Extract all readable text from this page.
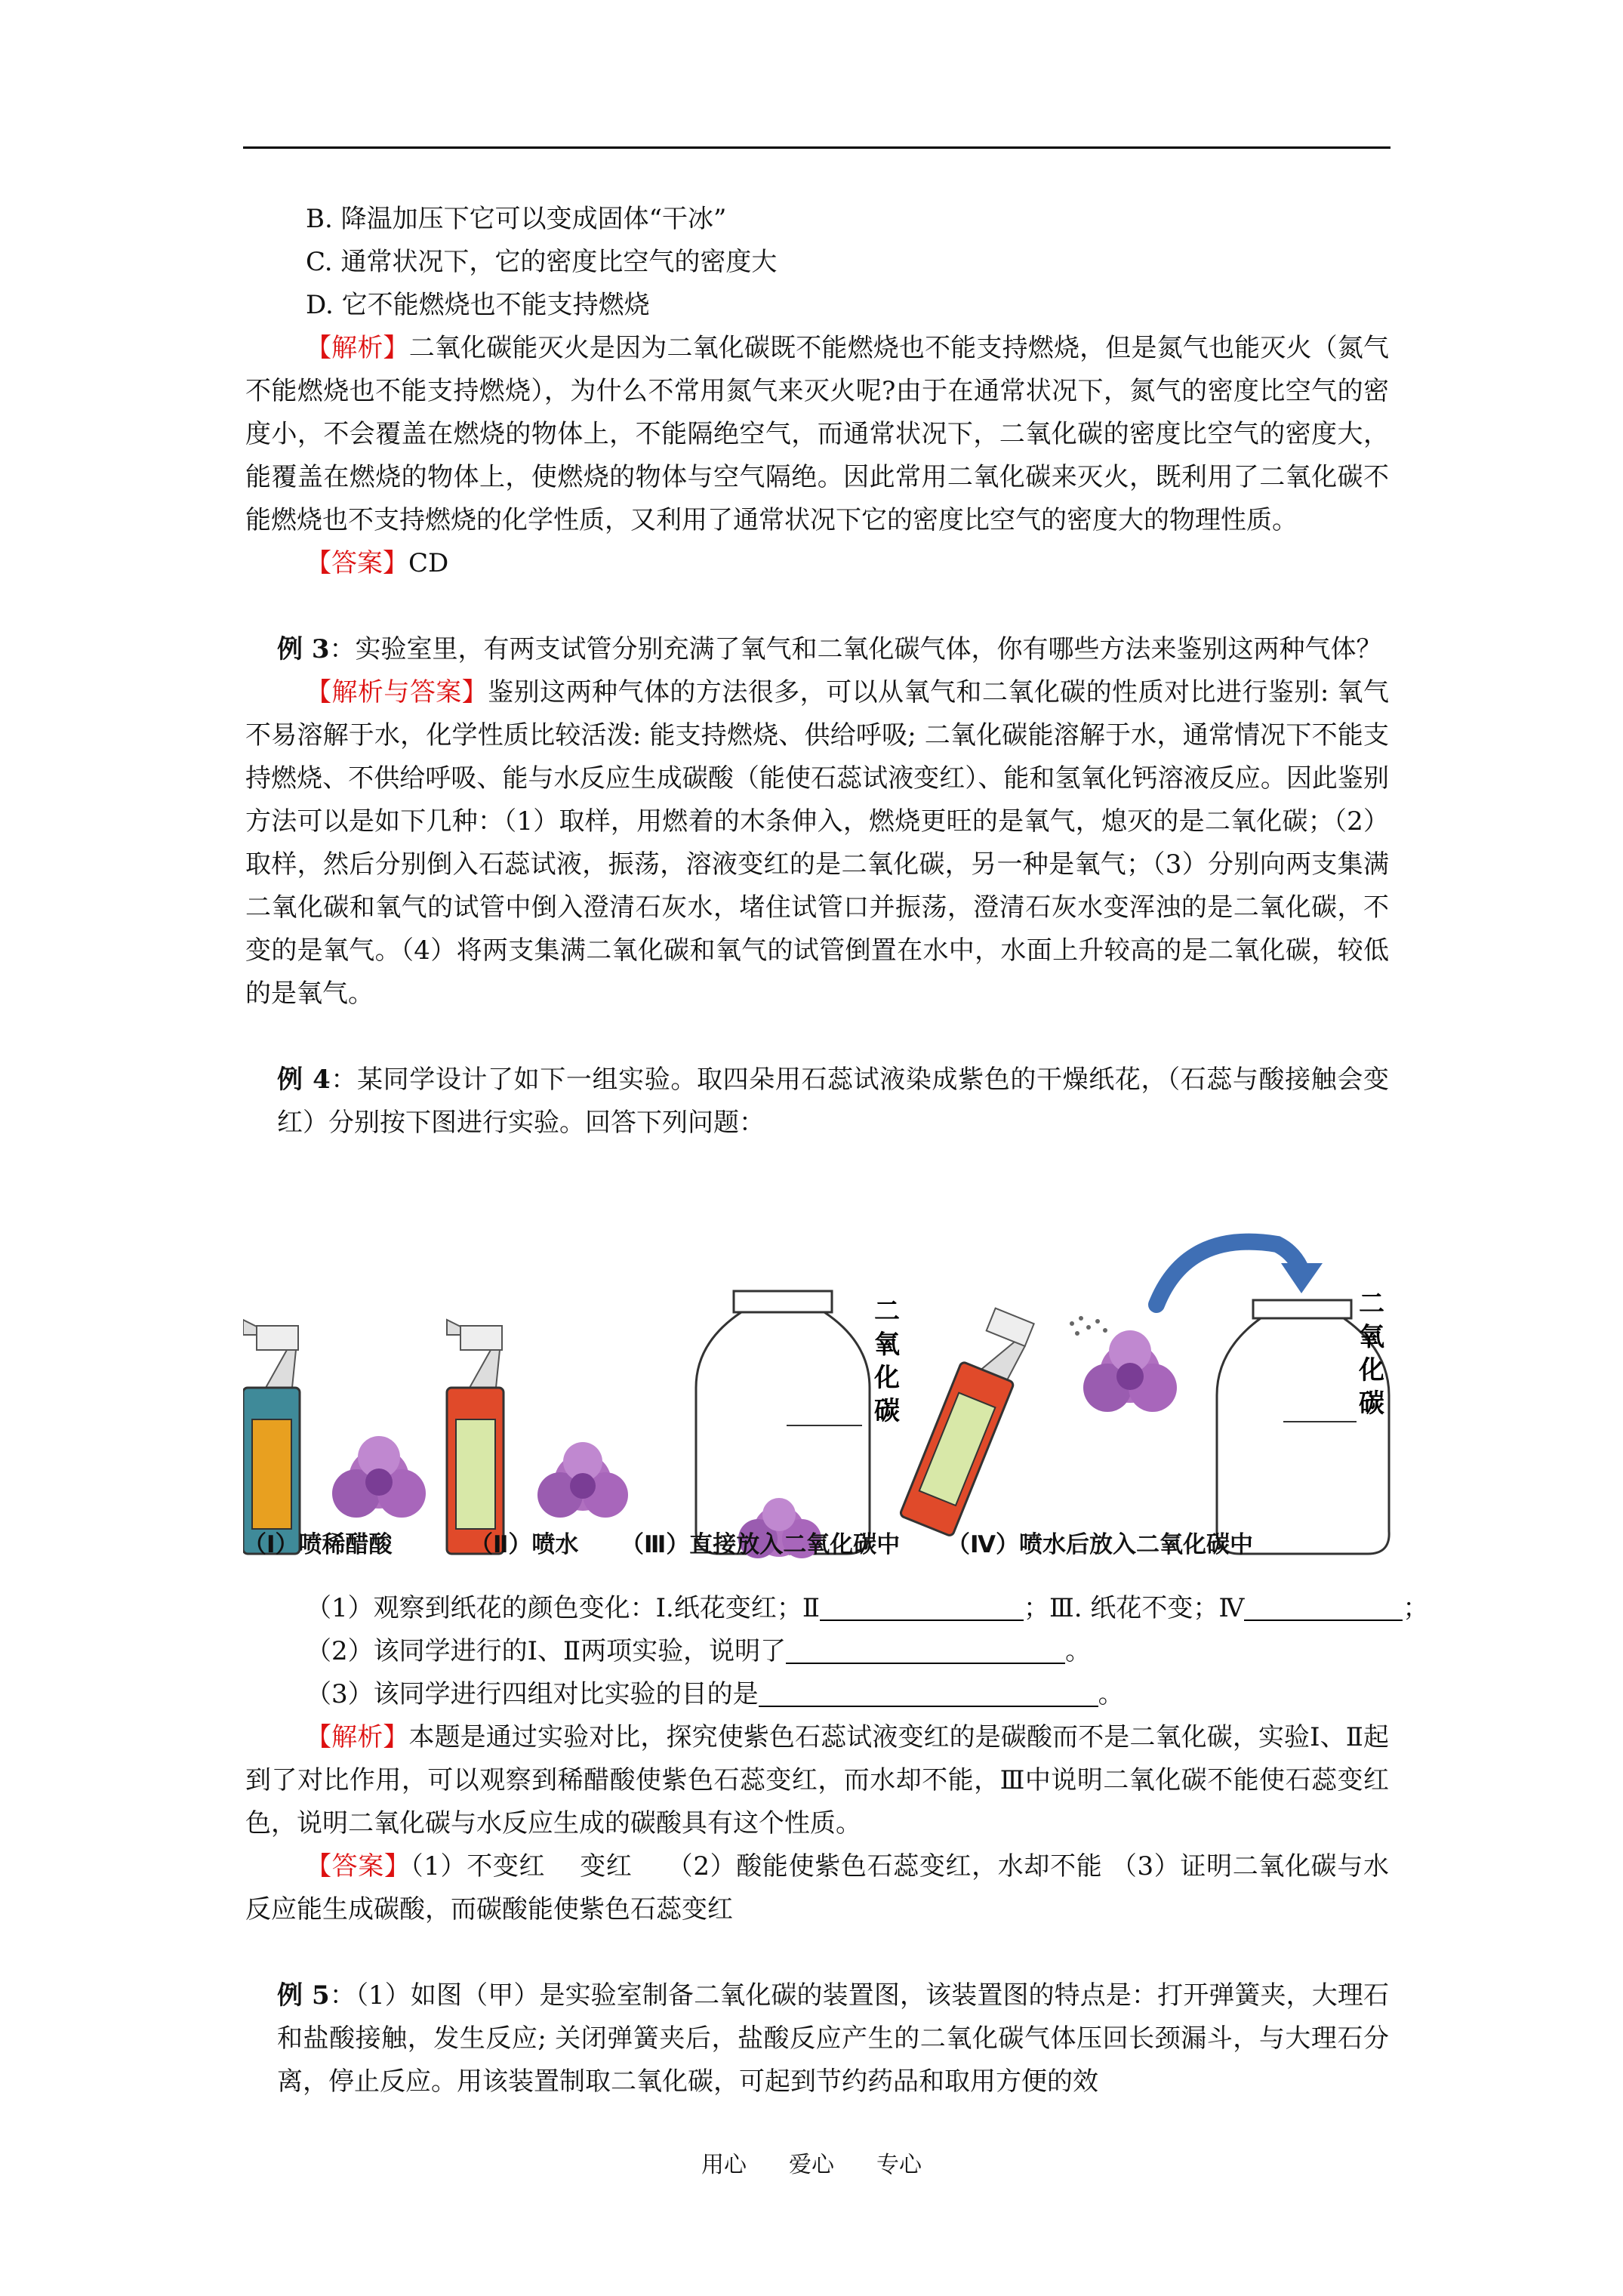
B. 降温加压下它可以变成固体“干冰”

C. 通常状况下，它的密度比空气的密度大

D. 它不能燃烧也不能支持燃烧

【解析】二氧化碳能灭火是因为二氧化碳既不能燃烧也不能支持燃烧，但是氮气也能灭火（氮气不能燃烧也不能支持燃烧），为什么不常用氮气来灭火呢?由于在通常状况下，氮气的密度比空气的密度小，不会覆盖在燃烧的物体上，不能隔绝空气，而通常状况下，二氧化碳的密度比空气的密度大，能覆盖在燃烧的物体上，使燃烧的物体与空气隔绝。因此常用二氧化碳来灭火，既利用了二氧化碳不能燃烧也不支持燃烧的化学性质，又利用了通常状况下它的密度比空气的密度大的物理性质。

【答案】CD

例 3：实验室里，有两支试管分别充满了氧气和二氧化碳气体，你有哪些方法来鉴别这两种气体？

【解析与答案】鉴别这两种气体的方法很多，可以从氧气和二氧化碳的性质对比进行鉴别: 氧气不易溶解于水，化学性质比较活泼: 能支持燃烧、供给呼吸; 二氧化碳能溶解于水，通常情况下不能支持燃烧、不供给呼吸、能与水反应生成碳酸（能使石蕊试液变红）、能和氢氧化钙溶液反应。因此鉴别方法可以是如下几种：（1）取样，用燃着的木条伸入，燃烧更旺的是氧气，熄灭的是二氧化碳；（2）取样，然后分别倒入石蕊试液，振荡，溶液变红的是二氧化碳，另一种是氧气；（3）分别向两支集满二氧化碳和氧气的试管中倒入澄清石灰水，堵住试管口并振荡，澄清石灰水变浑浊的是二氧化碳，不变的是氧气。（4）将两支集满二氧化碳和氧气的试管倒置在水中，水面上升较高的是二氧化碳，较低的是氧气。

例 4：某同学设计了如下一组实验。取四朵用石蕊试液染成紫色的干燥纸花，（石蕊与酸接触会变红）分别按下图进行实验。回答下列问题：

二 氧 化 碳
二 氧 化 碳
（Ⅰ）喷稀醋酸	（Ⅱ）喷水 （Ⅲ）直接放入二氧化碳中 （Ⅳ）喷水后放入二氧化碳中

（1）观察到纸花的颜色变化：Ⅰ.纸花变红；Ⅱ	；Ⅲ. 纸花不变；Ⅳ	；

（2）该同学进行的Ⅰ、Ⅱ两项实验，说明了	。

（3）该同学进行四组对比实验的目的是	。

【解析】本题是通过实验对比，探究使紫色石蕊试液变红的是碳酸而不是二氧化碳，实验Ⅰ、Ⅱ起到了对比作用，可以观察到稀醋酸使紫色石蕊变红，而水却不能，Ⅲ中说明二氧化碳不能使石蕊变红色，说明二氧化碳与水反应生成的碳酸具有这个性质。

【答案】（1）不变红　 变红　 （2）酸能使紫色石蕊变红，水却不能 （3）证明二氧化碳与水反应能生成碳酸，而碳酸能使紫色石蕊变红

例 5：（1）如图（甲）是实验室制备二氧化碳的装置图，该装置图的特点是：打开弹簧夹，大理石和盐酸接触，发生反应; 关闭弹簧夹后，盐酸反应产生的二氧化碳气体压回长颈漏斗，与大理石分离，停止反应。用该装置制取二氧化碳，可起到节约药品和取用方便的效

用心 爱心 专心
